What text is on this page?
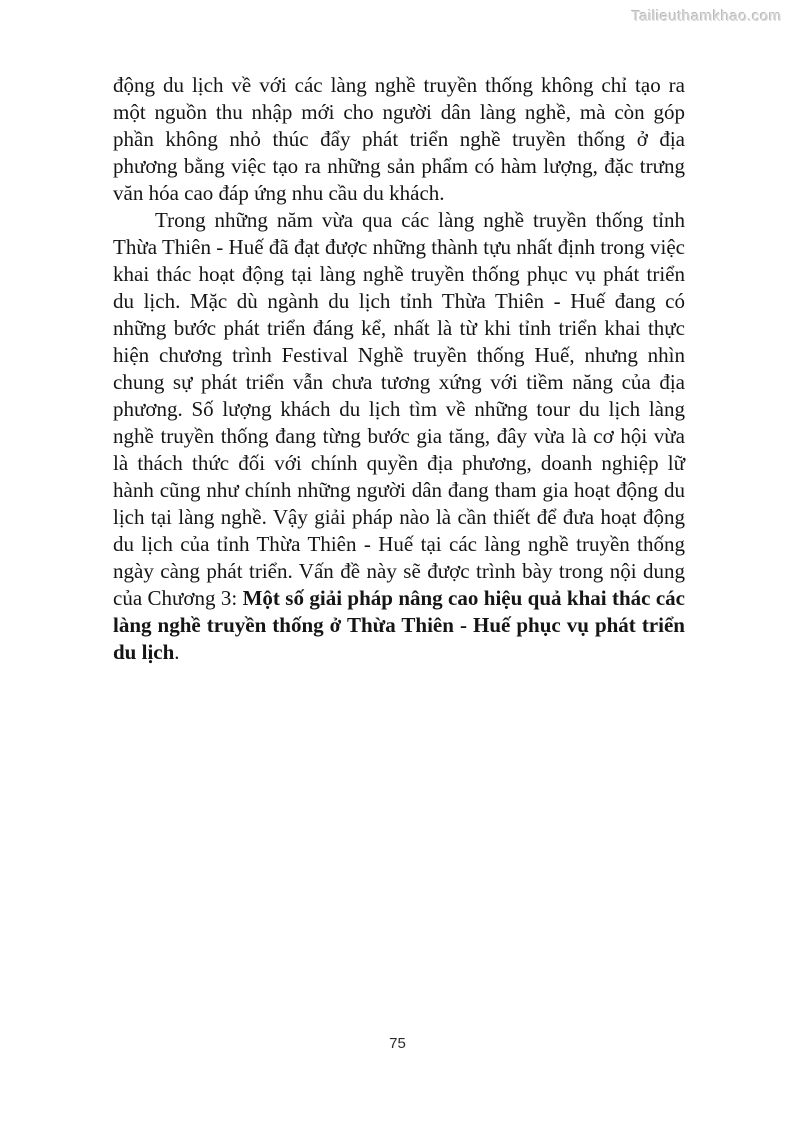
Tailieuthamkhao.com

động du lịch về với các làng nghề truyền thống không chỉ tạo ra một nguồn thu nhập mới cho người dân làng nghề, mà còn góp phần không nhỏ thúc đẩy phát triển nghề truyền thống ở địa phương bằng việc tạo ra những sản phẩm có hàm lượng, đặc trưng văn hóa cao đáp ứng nhu cầu du khách.

Trong những năm vừa qua các làng nghề truyền thống tỉnh Thừa Thiên - Huế đã đạt được những thành tựu nhất định trong việc khai thác hoạt động tại làng nghề truyền thống phục vụ phát triển du lịch. Mặc dù ngành du lịch tỉnh Thừa Thiên - Huế đang có những bước phát triển đáng kể, nhất là từ khi tỉnh triển khai thực hiện chương trình Festival Nghề truyền thống Huế, nhưng nhìn chung sự phát triển vẫn chưa tương xứng với tiềm năng của địa phương. Số lượng khách du lịch tìm về những tour du lịch làng nghề truyền thống đang từng bước gia tăng, đây vừa là cơ hội vừa là thách thức đối với chính quyền địa phương, doanh nghiệp lữ hành cũng như chính những người dân đang tham gia hoạt động du lịch tại làng nghề. Vậy giải pháp nào là cần thiết để đưa hoạt động du lịch của tỉnh Thừa Thiên - Huế tại các làng nghề truyền thống ngày càng phát triển. Vấn đề này sẽ được trình bày trong nội dung của Chương 3: Một số giải pháp nâng cao hiệu quả khai thác các làng nghề truyền thống ở Thừa Thiên - Huế phục vụ phát triển du lịch.

75
